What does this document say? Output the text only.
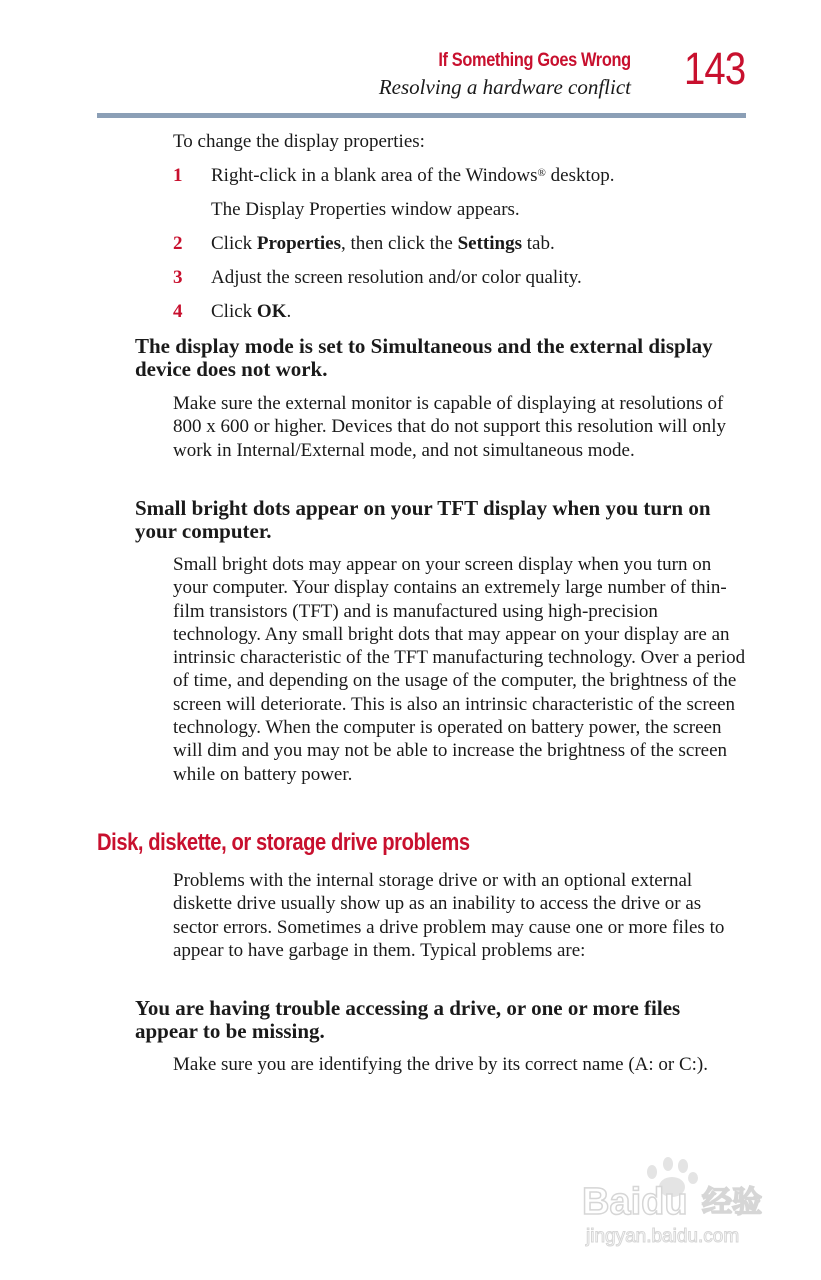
If Something Goes Wrong
Resolving a hardware conflict 143
To change the display properties:
1 Right-click in a blank area of the Windows® desktop.
The Display Properties window appears.
2 Click Properties, then click the Settings tab.
3 Adjust the screen resolution and/or color quality.
4 Click OK.
The display mode is set to Simultaneous and the external display device does not work.
Make sure the external monitor is capable of displaying at resolutions of 800 x 600 or higher. Devices that do not support this resolution will only work in Internal/External mode, and not simultaneous mode.
Small bright dots appear on your TFT display when you turn on your computer.
Small bright dots may appear on your screen display when you turn on your computer. Your display contains an extremely large number of thin-film transistors (TFT) and is manufactured using high-precision technology. Any small bright dots that may appear on your display are an intrinsic characteristic of the TFT manufacturing technology. Over a period of time, and depending on the usage of the computer, the brightness of the screen will deteriorate. This is also an intrinsic characteristic of the screen technology. When the computer is operated on battery power, the screen will dim and you may not be able to increase the brightness of the screen while on battery power.
Disk, diskette, or storage drive problems
Problems with the internal storage drive or with an optional external diskette drive usually show up as an inability to access the drive or as sector errors. Sometimes a drive problem may cause one or more files to appear to have garbage in them. Typical problems are:
You are having trouble accessing a drive, or one or more files appear to be missing.
Make sure you are identifying the drive by its correct name (A: or C:).
Baidu 经验
jingyan.baidu.com
